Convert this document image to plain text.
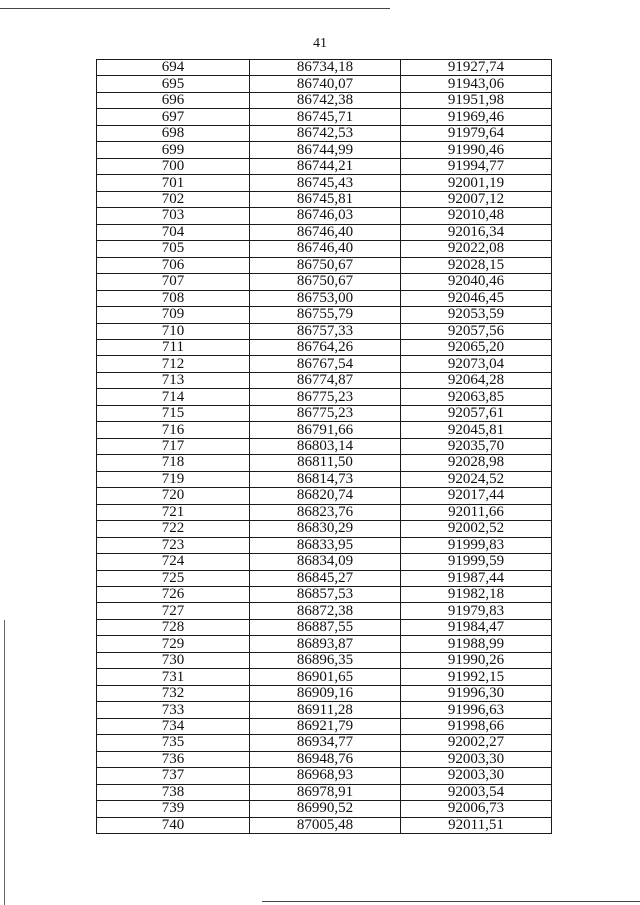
41
694	86734,18	91927,74
695	86740,07	91943,06
696	86742,38	91951,98
697	86745,71	91969,46
698	86742,53	91979,64
699	86744,99	91990,46
700	86744,21	91994,77
701	86745,43	92001,19
702	86745,81	92007,12
703	86746,03	92010,48
704	86746,40	92016,34
705	86746,40	92022,08
706	86750,67	92028,15
707	86750,67	92040,46
708	86753,00	92046,45
709	86755,79	92053,59
710	86757,33	92057,56
711	86764,26	92065,20
712	86767,54	92073,04
713	86774,87	92064,28
714	86775,23	92063,85
715	86775,23	92057,61
716	86791,66	92045,81
717	86803,14	92035,70
718	86811,50	92028,98
719	86814,73	92024,52
720	86820,74	92017,44
721	86823,76	92011,66
722	86830,29	92002,52
723	86833,95	91999,83
724	86834,09	91999,59
725	86845,27	91987,44
726	86857,53	91982,18
727	86872,38	91979,83
728	86887,55	91984,47
729	86893,87	91988,99
730	86896,35	91990,26
731	86901,65	91992,15
732	86909,16	91996,30
733	86911,28	91996,63
734	86921,79	91998,66
735	86934,77	92002,27
736	86948,76	92003,30
737	86968,93	92003,30
738	86978,91	92003,54
739	86990,52	92006,73
740	87005,48	92011,51
